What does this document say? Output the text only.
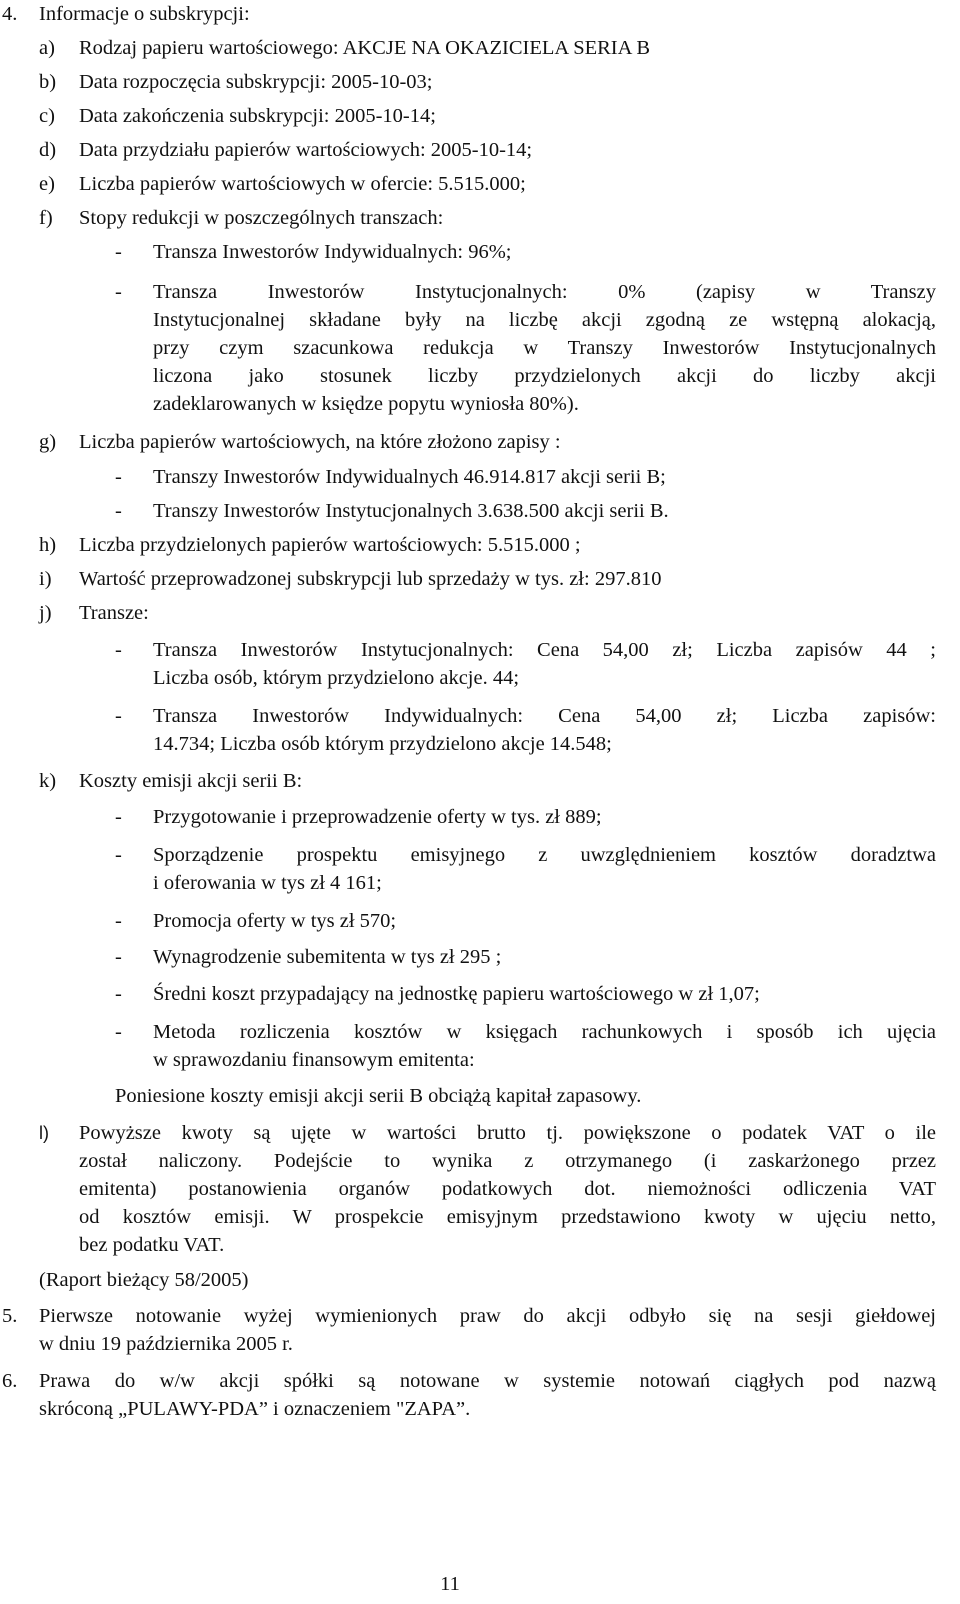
4. Informacje o subskrypcji:
a) Rodzaj papieru wartościowego: AKCJE NA OKAZICIELA SERIA B
b) Data rozpoczęcia subskrypcji: 2005-10-03;
c) Data zakończenia subskrypcji: 2005-10-14;
d) Data przydziału papierów wartościowych: 2005-10-14;
e) Liczba papierów wartościowych w ofercie: 5.515.000;
f) Stopy redukcji w poszczególnych transzach:
- Transza Inwestorów Indywidualnych: 96%;
- Transza Inwestorów Instytucjonalnych: 0% (zapisy w Transzy
Instytucjonalnej składane były na liczbę akcji zgodną ze wstępną alokacją,
przy czym szacunkowa redukcja w Transzy Inwestorów Instytucjonalnych
liczona jako stosunek liczby przydzielonych akcji do liczby akcji
zadeklarowanych w księdze popytu wyniosła 80%).
g) Liczba papierów wartościowych, na które złożono zapisy :
- Transzy Inwestorów Indywidualnych 46.914.817 akcji serii B;
- Transzy Inwestorów Instytucjonalnych 3.638.500 akcji serii B.
h) Liczba przydzielonych papierów wartościowych: 5.515.000 ;
i) Wartość przeprowadzonej subskrypcji lub sprzedaży w tys. zł: 297.810
j) Transze:
- Transza Inwestorów Instytucjonalnych: Cena 54,00 zł; Liczba zapisów 44 ;
Liczba osób, którym przydzielono akcje. 44;
- Transza Inwestorów Indywidualnych: Cena 54,00 zł; Liczba zapisów:
14.734; Liczba osób którym przydzielono akcje 14.548;
k) Koszty emisji akcji serii B:
- Przygotowanie i przeprowadzenie oferty w tys. zł 889;
- Sporządzenie prospektu emisyjnego z uwzględnieniem kosztów doradztwa
i oferowania w tys zł 4 161;
- Promocja oferty w tys zł 570;
- Wynagrodzenie subemitenta w tys zł 295 ;
- Średni koszt przypadający na jednostkę papieru wartościowego w zł 1,07;
- Metoda rozliczenia kosztów w księgach rachunkowych i sposób ich ujęcia
w sprawozdaniu finansowym emitenta:
Poniesione koszty emisji akcji serii B obciążą kapitał zapasowy.
l) Powyższe kwoty są ujęte w wartości brutto tj. powiększone o podatek VAT o ile
został naliczony. Podejście to wynika z otrzymanego (i zaskarżonego przez
emitenta) postanowienia organów podatkowych dot. niemożności odliczenia VAT
od kosztów emisji. W prospekcie emisyjnym przedstawiono kwoty w ujęciu netto,
bez podatku VAT.
(Raport bieżący 58/2005)
5. Pierwsze notowanie wyżej wymienionych praw do akcji odbyło się na sesji giełdowej
w dniu 19 października 2005 r.
6. Prawa do w/w akcji spółki są notowane w systemie notowań ciągłych pod nazwą
skróconą „PULAWY-PDA” i oznaczeniem "ZAPA”.
11
